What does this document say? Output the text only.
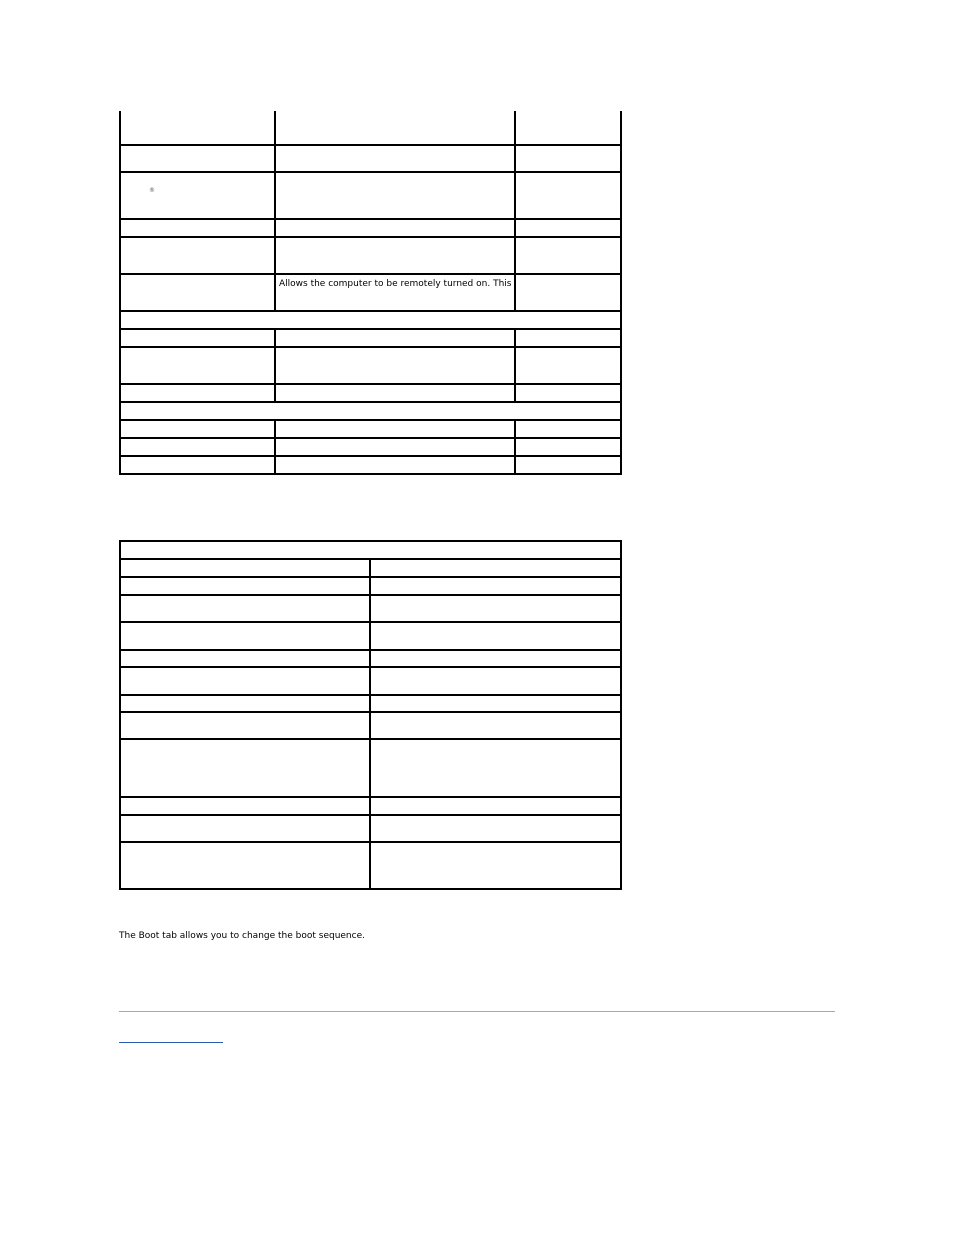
®		

	Allows the computer to be remotely turned on. This	

The Boot tab allows you to change the boot sequence.
